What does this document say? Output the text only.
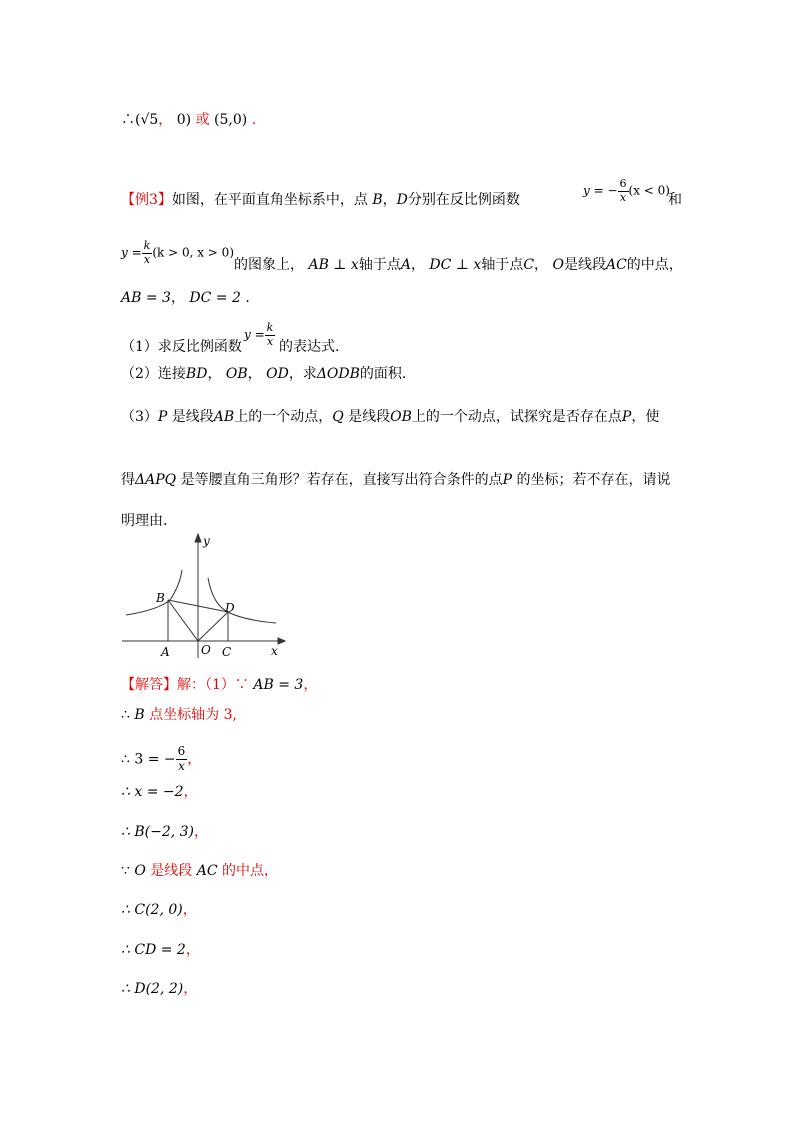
∴(√5， 0) 或 (5,0) .
【例3】如图，在平面直角坐标系中，点 B，D分别在反比例函数
y = − $\frac{6}{x} (x < 0)$
和
$y = \frac{k}{x} (k > 0$, x > 0)
的图象上， AB ⊥ x轴于点A， DC ⊥ x轴于点C， O是线段AC的中点，
AB = 3， DC = 2 .
（1）求反比例函数
$y = \frac{k}{x}$ 的表达式.
（2）连接BD， OB， OD，求ΔODB的面积.
（3）P 是线段AB上的一个动点，Q 是线段OB上的一个动点，试探究是否存在点P，使
得ΔAPQ 是等腰直角三角形？若存在，直接写出符合条件的点P 的坐标；若不存在，请说
明理由.
y
x
B
D
A	O C
【解答】解：（1）∵ AB = 3，
∴ B 点坐标轴为 3,
∴ 3 = − $\frac{6}{x}$ ，
∴ x = −2，
∴ B(−2, 3)，
∵ O 是线段 AC 的中点，
∴ C(2, 0)，
∴ CD = 2，
∴ D(2, 2)，
